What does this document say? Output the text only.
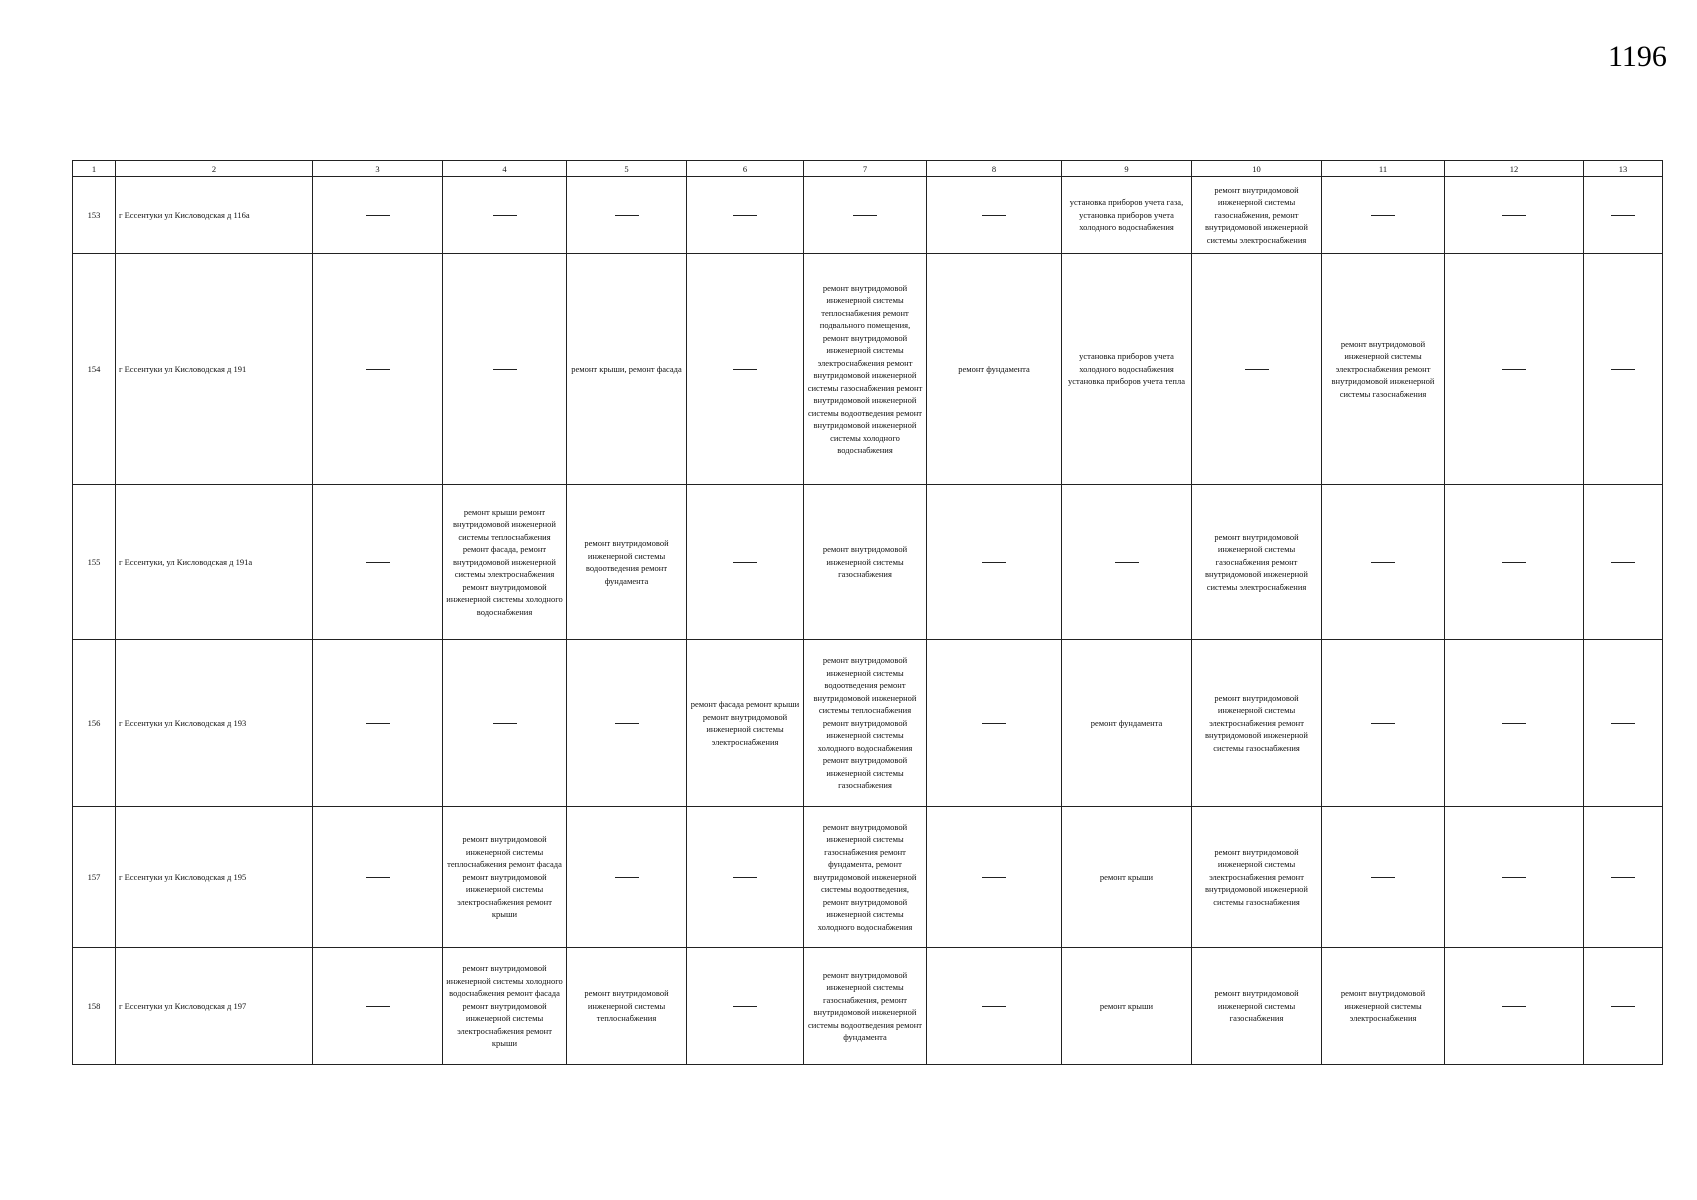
1196
1	2	3	4	5	6	7	8	9	10	11	12	13
153	г Ессентуки ул Кисловодская д 116а							установка приборов учета газа, установка приборов учета холодного водоснабжения	ремонт внутридомовой инженерной системы газоснабжения, ремонт внутридомовой инженерной системы электроснабжения			
154	г Ессентуки ул Кисловодская д 191			ремонт крыши, ремонт фасада		ремонт внутридомовой инженерной системы теплоснабжения ремонт подвального помещения, ремонт внутридомовой инженерной системы электроснабжения ремонт внутридомовой инженерной системы газоснабжения ремонт внутридомовой инженерной системы водоотведения ремонт внутридомовой инженерной системы холодного водоснабжения	ремонт фундамента	установка приборов учета холодного водоснабжения установка приборов учета тепла		ремонт внутридомовой инженерной системы электроснабжения ремонт внутридомовой инженерной системы газоснабжения		
155	г Ессентуки, ул Кисловодская д 191а		ремонт крыши ремонт внутридомовой инженерной системы теплоснабжения ремонт фасада, ремонт внутридомовой инженерной системы электроснабжения ремонт внутридомовой инженерной системы холодного водоснабжения	ремонт внутридомовой инженерной системы водоотведения ремонт фундамента		ремонт внутридомовой инженерной системы газоснабжения			ремонт внутридомовой инженерной системы газоснабжения ремонт внутридомовой инженерной системы электроснабжения			
156	г Ессентуки ул Кисловодская д 193				ремонт фасада ремонт крыши ремонт внутридомовой инженерной системы электроснабжения	ремонт внутридомовой инженерной системы водоотведения ремонт внутридомовой инженерной системы теплоснабжения ремонт внутридомовой инженерной системы холодного водоснабжения ремонт внутридомовой инженерной системы газоснабжения		ремонт фундамента	ремонт внутридомовой инженерной системы электроснабжения ремонт внутридомовой инженерной системы газоснабжения			
157	г Ессентуки ул Кисловодская д 195		ремонт внутридомовой инженерной системы теплоснабжения ремонт фасада ремонт внутридомовой инженерной системы электроснабжения ремонт крыши			ремонт внутридомовой инженерной системы газоснабжения ремонт фундамента, ремонт внутридомовой инженерной системы водоотведения, ремонт внутридомовой инженерной системы холодного водоснабжения		ремонт крыши	ремонт внутридомовой инженерной системы электроснабжения ремонт внутридомовой инженерной системы газоснабжения			
158	г Ессентуки ул Кисловодская д 197		ремонт внутридомовой инженерной системы холодного водоснабжения ремонт фасада ремонт внутридомовой инженерной системы электроснабжения ремонт крыши	ремонт внутридомовой инженерной системы теплоснабжения		ремонт внутридомовой инженерной системы газоснабжения, ремонт внутридомовой инженерной системы водоотведения ремонт фундамента		ремонт крыши	ремонт внутридомовой инженерной системы газоснабжения	ремонт внутридомовой инженерной системы электроснабжения		
